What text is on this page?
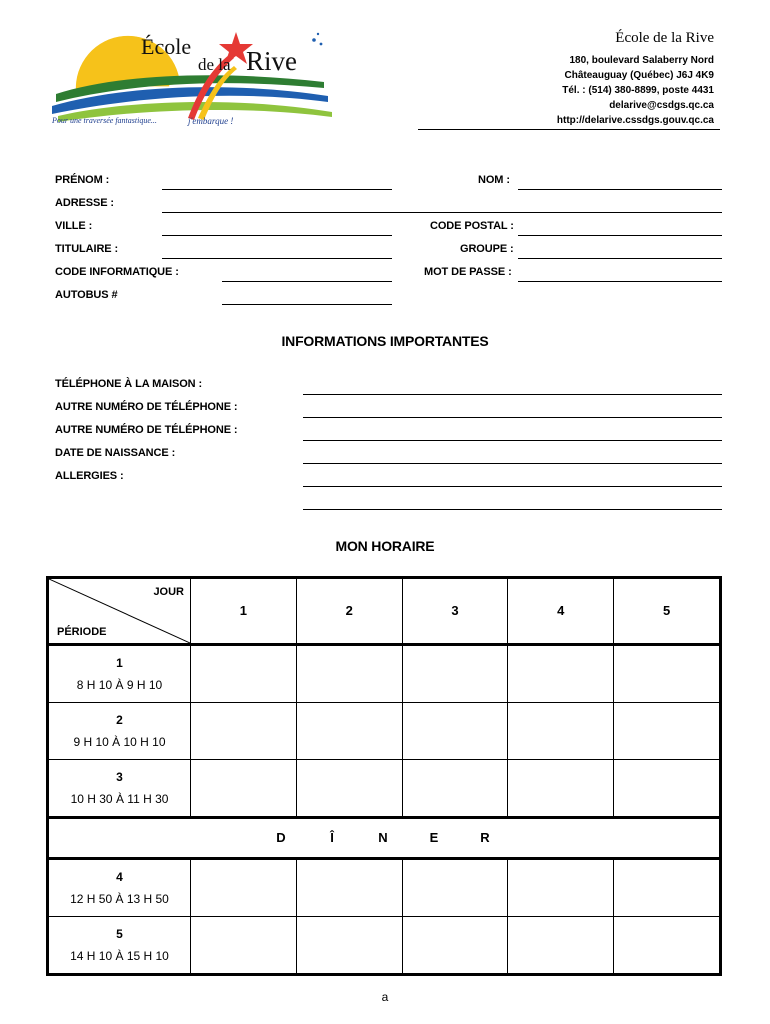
École
de la Rive
Pour une traversée fantastique...	j'embarque !
École de la Rive
180, boulevard Salaberry Nord
Châteauguay (Québec) J6J 4K9
Tél. : (514) 380-8899, poste 4431
delarive@csdgs.qc.ca
http://delarive.cssdgs.gouv.qc.ca
PRÉNOM :	NOM :
ADRESSE :
VILLE :	CODE POSTAL :
TITULAIRE :	GROUPE :
CODE INFORMATIQUE :	MOT DE PASSE :
AUTOBUS #
INFORMATIONS IMPORTANTES
TÉLÉPHONE À LA MAISON :
AUTRE NUMÉRO DE TÉLÉPHONE :
AUTRE NUMÉRO DE TÉLÉPHONE :
DATE DE NAISSANCE :
ALLERGIES :
MON HORAIRE
JOUR
PÉRIODE	1	2	3	4	5

1
8 H 10 À 9 H 10					

2
9 H 10 À 10 H 10					

3
10 H 30 À 11 H 30					

D Î N E R					

4
12 H 50 À 13 H 50					

5
14 H 10 À 15 H 10					

a
